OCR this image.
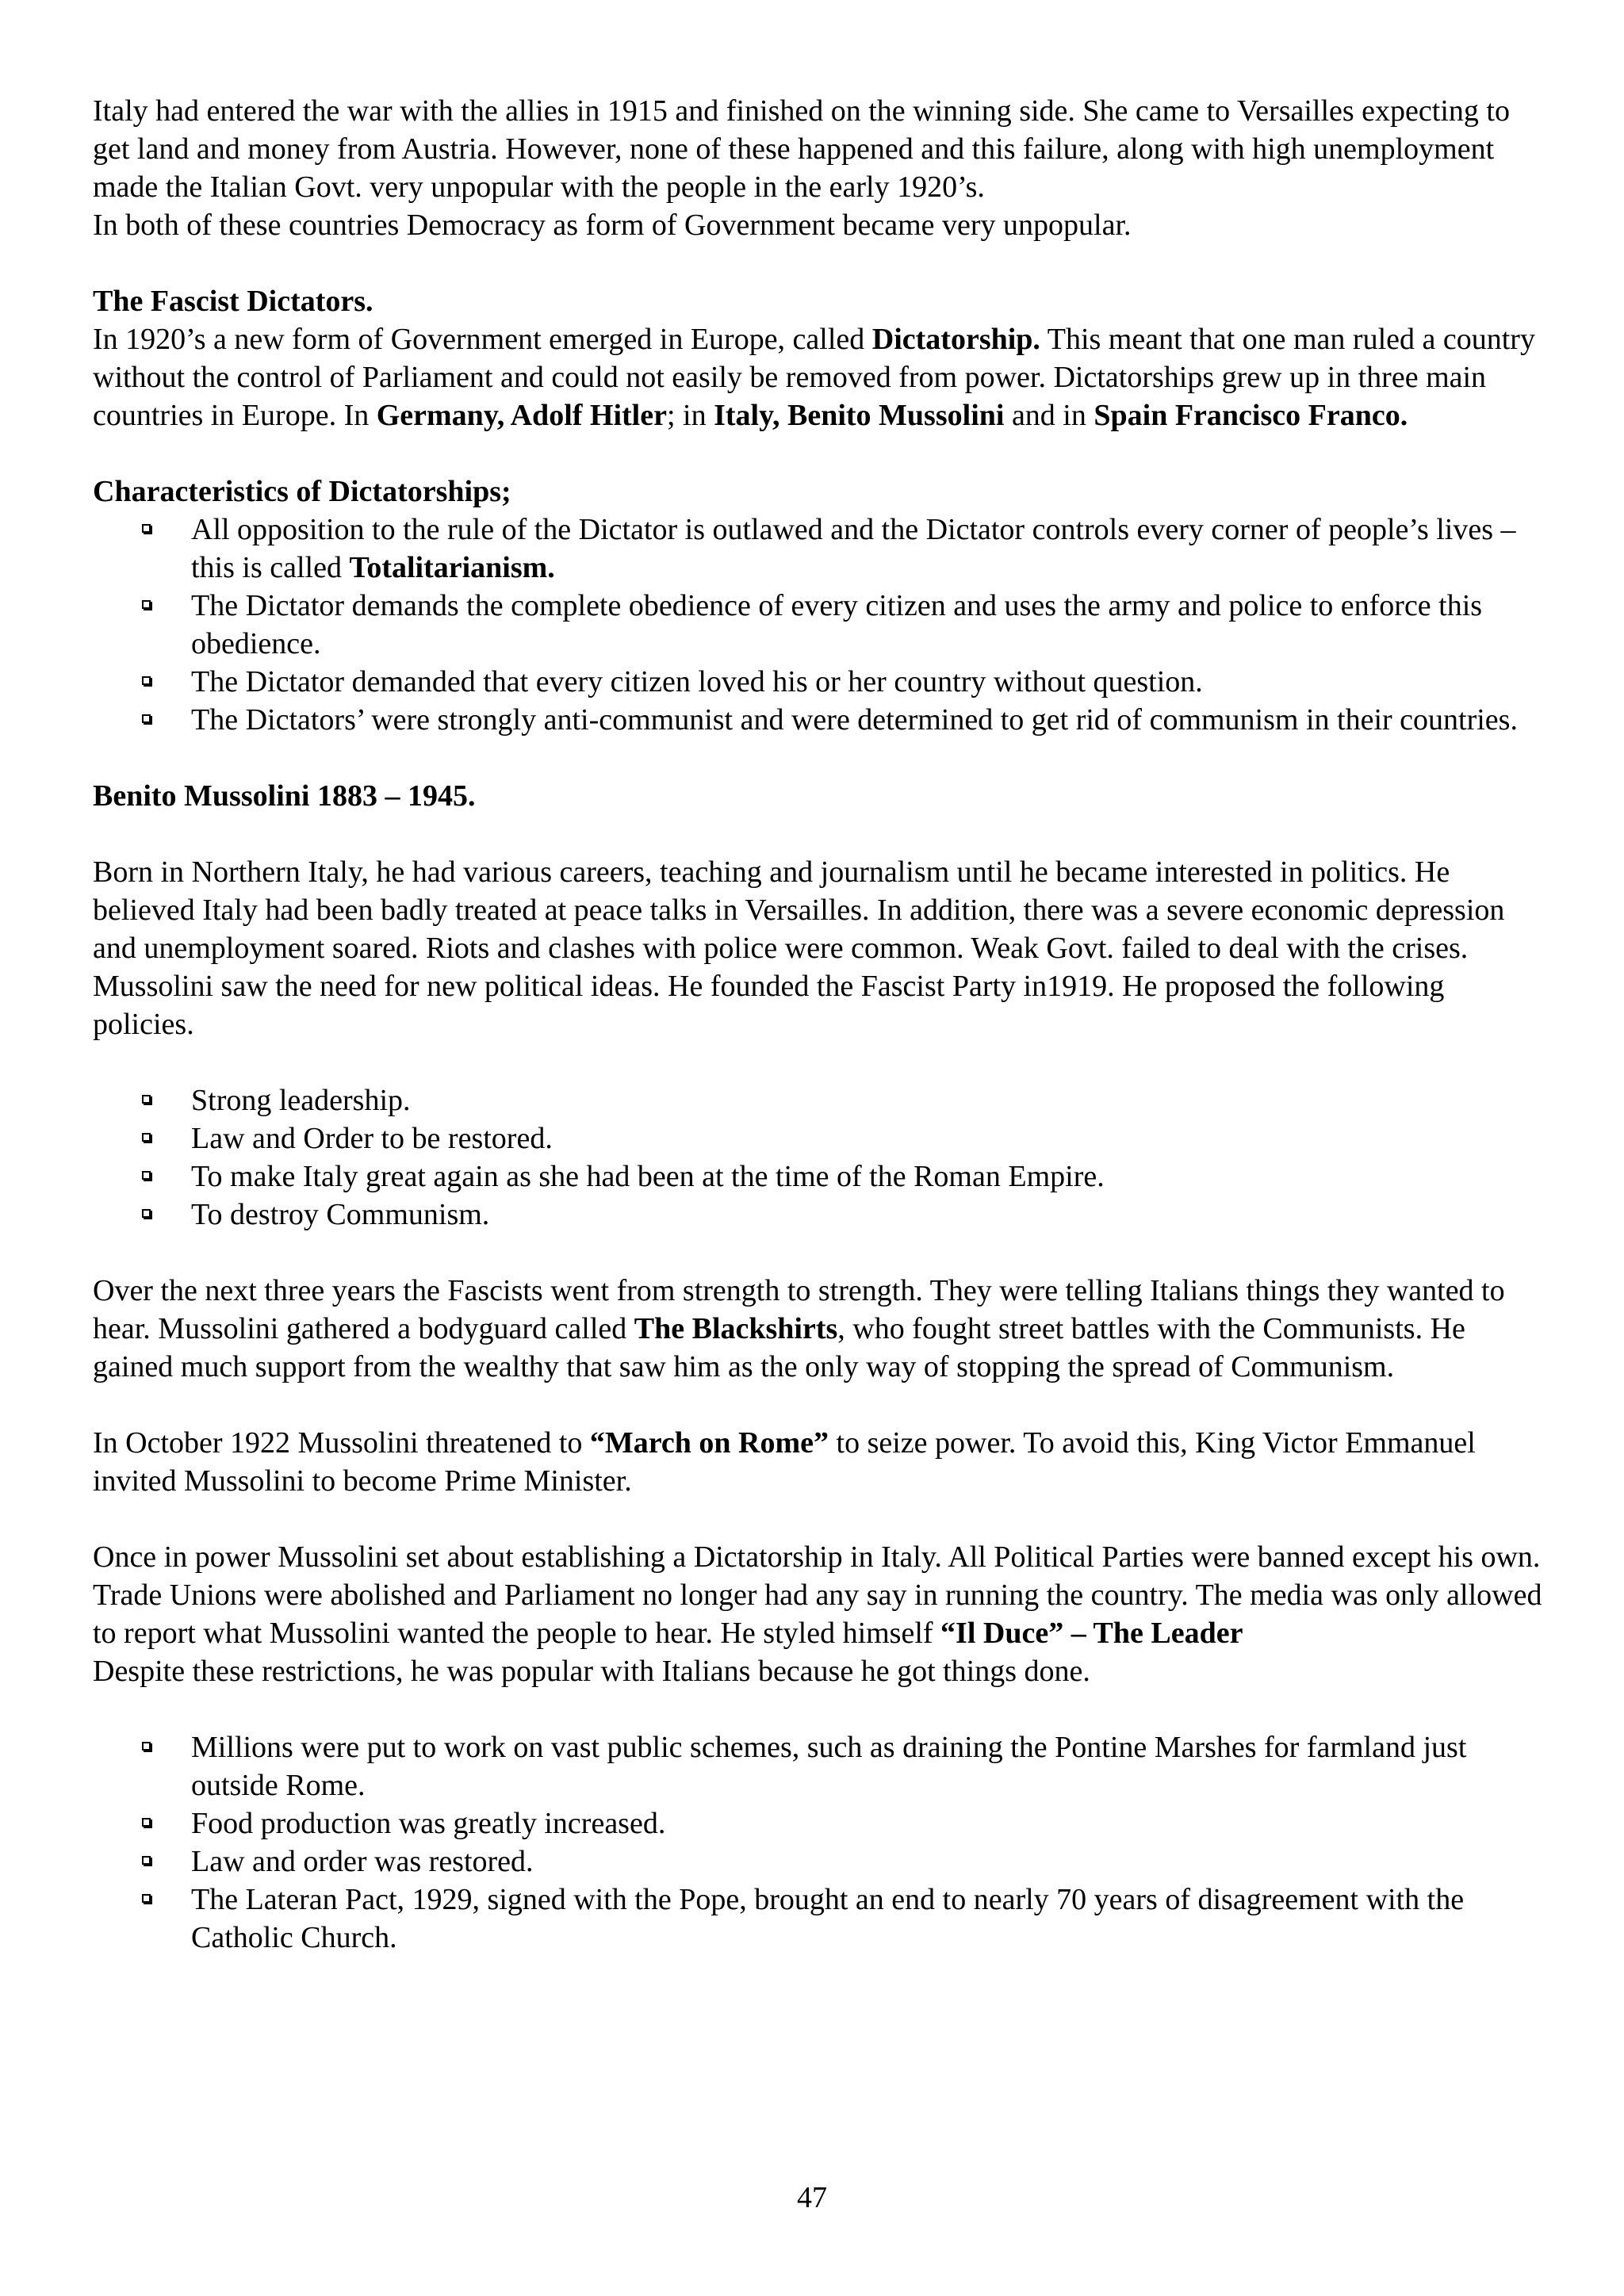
Italy had entered the war with the allies in 1915 and finished on the winning side. She came to Versailles expecting to get land and money from Austria. However, none of these happened and this failure, along with high unemployment made the Italian Govt. very unpopular with the people in the early 1920’s.

In both of these countries Democracy as form of Government became very unpopular.

The Fascist Dictators.

In 1920’s a new form of Government emerged in Europe, called Dictatorship. This meant that one man ruled a country without the control of Parliament and could not easily be removed from power. Dictatorships grew up in three main countries in Europe. In Germany, Adolf Hitler; in Italy, Benito Mussolini and in Spain Francisco Franco.

Characteristics of Dictatorships;
All opposition to the rule of the Dictator is outlawed and the Dictator controls every corner of people’s lives – this is called Totalitarianism.
The Dictator demands the complete obedience of every citizen and uses the army and police to enforce this obedience.
The Dictator demanded that every citizen loved his or her country without question.
The Dictators’ were strongly anti-communist and were determined to get rid of communism in their countries.
Benito Mussolini 1883 – 1945.

Born in Northern Italy, he had various careers, teaching and journalism until he became interested in politics. He believed Italy had been badly treated at peace talks in Versailles. In addition, there was a severe economic depression and unemployment soared. Riots and clashes with police were common. Weak Govt. failed to deal with the crises. Mussolini saw the need for new political ideas. He founded the Fascist Party in1919. He proposed the following policies.

Strong leadership.
Law and Order to be restored.
To make Italy great again as she had been at the time of the Roman Empire.
To destroy Communism.

Over the next three years the Fascists went from strength to strength. They were telling Italians things they wanted to hear. Mussolini gathered a bodyguard called The Blackshirts, who fought street battles with the Communists. He gained much support from the wealthy that saw him as the only way of stopping the spread of Communism.

In October 1922 Mussolini threatened to “March on Rome” to seize power. To avoid this, King Victor Emmanuel invited Mussolini to become Prime Minister.

Once in power Mussolini set about establishing a Dictatorship in Italy. All Political Parties were banned except his own. Trade Unions were abolished and Parliament no longer had any say in running the country. The media was only allowed to report what Mussolini wanted the people to hear. He styled himself “Il Duce” – The Leader

Despite these restrictions, he was popular with Italians because he got things done.

Millions were put to work on vast public schemes, such as draining the Pontine Marshes for farmland just outside Rome.
Food production was greatly increased.
Law and order was restored.
The Lateran Pact, 1929, signed with the Pope, brought an end to nearly 70 years of disagreement with the Catholic Church.
47
